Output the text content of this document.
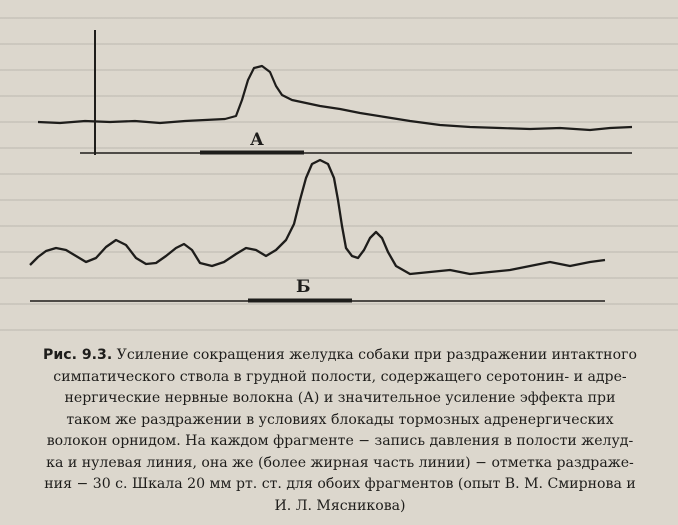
А
Б
Рис. 9.3. Усиление сокращения желудка собаки при раздражении интактного
симпатического ствола в грудной полости, содержащего серотонин- и адре-
нергические нервные волокна (А) и значительное усиление эффекта при
таком же раздражении в условиях блокады тормозных адренергических
волокон орнидом. На каждом фрагменте − запись давления в полости желуд-
ка и нулевая линия, она же (более жирная часть линии) − отметка раздраже-
ния − 30 с. Шкала 20 мм рт. ст. для обоих фрагментов (опыт В. М. Смирнова и
И. Л. Мясникова)
